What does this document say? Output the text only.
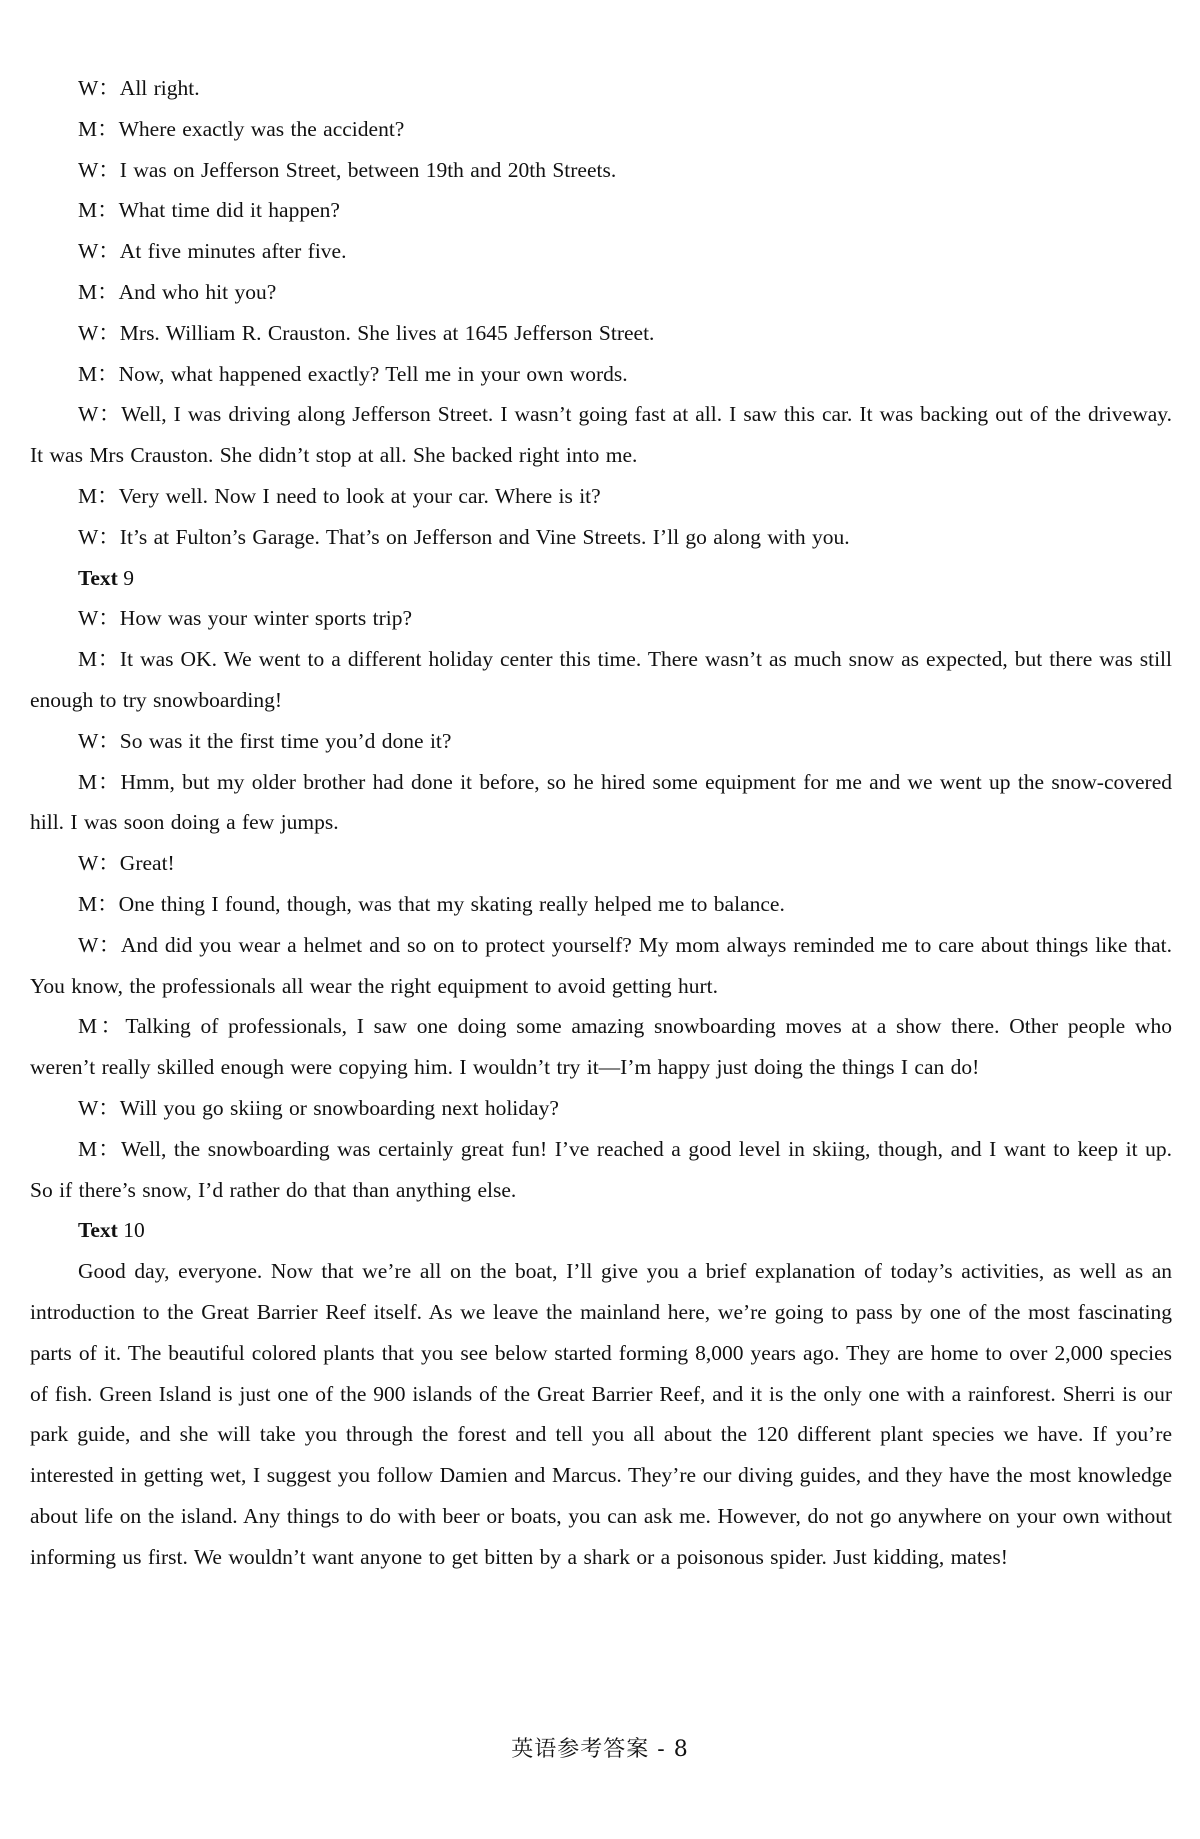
W：All right.

M：Where exactly was the accident?

W：I was on Jefferson Street, between 19th and 20th Streets.

M：What time did it happen?

W：At five minutes after five.

M：And who hit you?

W：Mrs. William R. Crauston. She lives at 1645 Jefferson Street.

M：Now, what happened exactly? Tell me in your own words.

W：Well, I was driving along Jefferson Street. I wasn’t going fast at all. I saw this car. It was backing out of the driveway. It was Mrs Crauston. She didn’t stop at all. She backed right into me.

M：Very well. Now I need to look at your car. Where is it?

W：It’s at Fulton’s Garage. That’s on Jefferson and Vine Streets. I’ll go along with you.

Text 9

W：How was your winter sports trip?

M：It was OK. We went to a different holiday center this time. There wasn’t as much snow as expected, but there was still enough to try snowboarding!

W：So was it the first time you’d done it?

M：Hmm, but my older brother had done it before, so he hired some equipment for me and we went up the snow-covered hill. I was soon doing a few jumps.

W：Great!

M：One thing I found, though, was that my skating really helped me to balance.

W：And did you wear a helmet and so on to protect yourself? My mom always reminded me to care about things like that. You know, the professionals all wear the right equipment to avoid getting hurt.

M：Talking of professionals, I saw one doing some amazing snowboarding moves at a show there. Other people who weren’t really skilled enough were copying him. I wouldn’t try it—I’m happy just doing the things I can do!

W：Will you go skiing or snowboarding next holiday?

M：Well, the snowboarding was certainly great fun! I’ve reached a good level in skiing, though, and I want to keep it up. So if there’s snow, I’d rather do that than anything else.

Text 10

Good day, everyone. Now that we’re all on the boat, I’ll give you a brief explanation of today’s activities, as well as an introduction to the Great Barrier Reef itself. As we leave the mainland here, we’re going to pass by one of the most fascinating parts of it. The beautiful colored plants that you see below started forming 8,000 years ago. They are home to over 2,000 species of fish. Green Island is just one of the 900 islands of the Great Barrier Reef, and it is the only one with a rainforest. Sherri is our park guide, and she will take you through the forest and tell you all about the 120 different plant species we have. If you’re interested in getting wet, I suggest you follow Damien and Marcus. They’re our diving guides, and they have the most knowledge about life on the island. Any things to do with beer or boats, you can ask me. However, do not go anywhere on your own without informing us first. We wouldn’t want anyone to get bitten by a shark or a poisonous spider. Just kidding, mates!

英语参考答案 - 8
